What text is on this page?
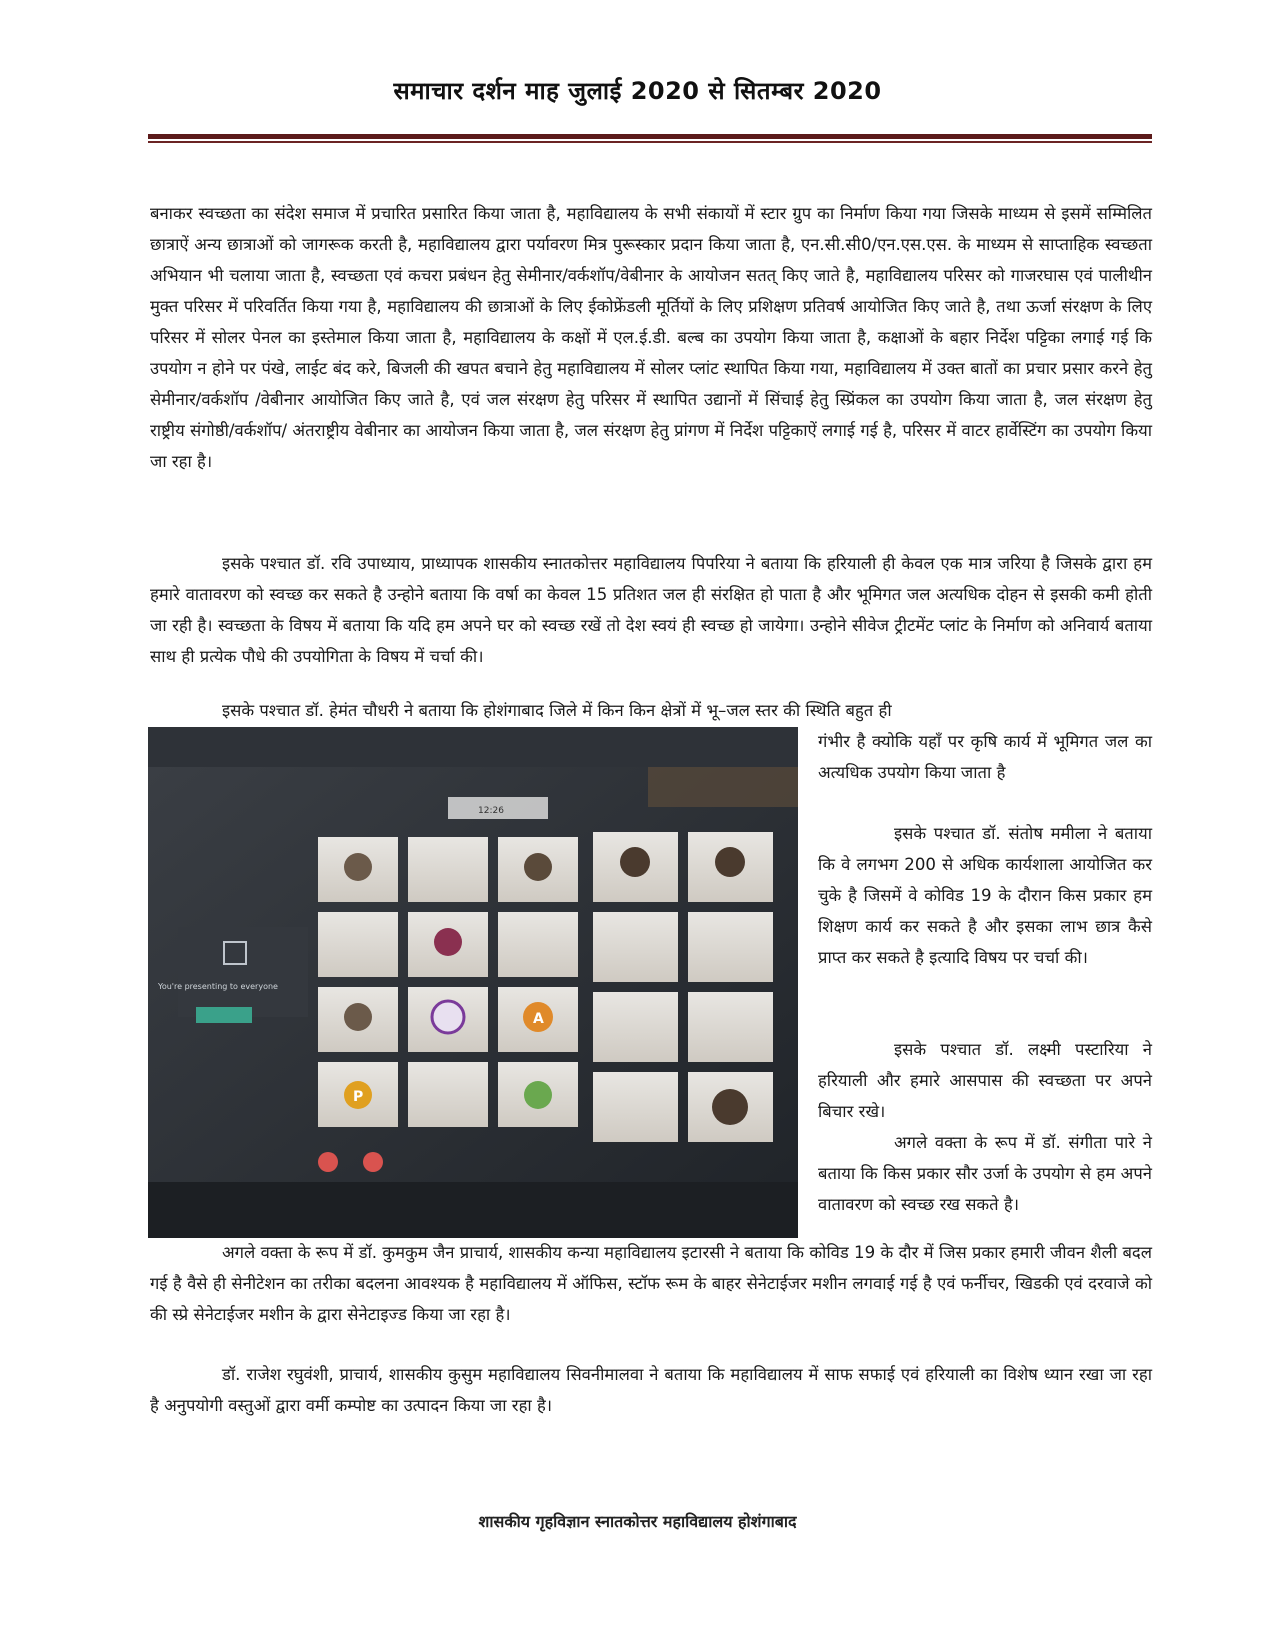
समाचार दर्शन माह जुलाई 2020 से सितम्बर 2020

बनाकर स्वच्छता का संदेश समाज में प्रचारित प्रसारित किया जाता है, महाविद्यालय के सभी संकायों में स्टार ग्रुप का निर्माण किया गया जिसके माध्यम से इसमें सम्मिलित छात्राऐं अन्य छात्राओं को जागरूक करती है, महाविद्यालय द्वारा पर्यावरण मित्र पुरूस्कार प्रदान किया जाता है, एन.सी.सी0/एन.एस.एस. के माध्यम से साप्ताहिक स्वच्छता अभियान भी चलाया जाता है, स्वच्छता एवं कचरा प्रबंधन हेतु सेमीनार/वर्कशॉप/वेबीनार के आयोजन सतत् किए जाते है, महाविद्यालय परिसर को गाजरघास एवं पालीथीन मुक्त परिसर में परिवर्तित किया गया है, महाविद्यालय की छात्राओं के लिए ईकोफ्रेंडली मूर्तियों के लिए प्रशिक्षण प्रतिवर्ष आयोजित किए जाते है, तथा ऊर्जा संरक्षण के लिए परिसर में सोलर पेनल का इस्तेमाल किया जाता है, महाविद्यालय के कक्षों में एल.ई.डी. बल्ब का उपयोग किया जाता है, कक्षाओं के बहार निर्देश पट्टिका लगाई गई कि उपयोग न होने पर पंखे, लाईट बंद करे, बिजली की खपत बचाने हेतु महाविद्यालय में सोलर प्लांट स्थापित किया गया, महाविद्यालय में उक्त बातों का प्रचार प्रसार करने हेतु सेमीनार/वर्कशॉप /वेबीनार आयोजित किए जाते है, एवं जल संरक्षण हेतु परिसर में स्थापित उद्यानों में सिंचाई हेतु स्प्रिंकल का उपयोग किया जाता है, जल संरक्षण हेतु राष्ट्रीय संगोष्ठी/वर्कशॉप/ अंतराष्ट्रीय वेबीनार का आयोजन किया जाता है, जल संरक्षण हेतु प्रांगण में निर्देश पट्टिकाऐं लगाई गई है, परिसर में वाटर हार्वेस्टिंग का उपयोग किया जा रहा है।

इसके पश्चात डॉ. रवि उपाध्याय, प्राध्यापक शासकीय स्नातकोत्तर महाविद्यालय पिपरिया ने बताया कि हरियाली ही केवल एक मात्र जरिया है जिसके द्वारा हम हमारे वातावरण को स्वच्छ कर सकते है उन्होने बताया कि वर्षा का केवल 15 प्रतिशत जल ही संरक्षित हो पाता है और भूमिगत जल अत्यधिक दोहन से इसकी कमी होती जा रही है। स्वच्छता के विषय में बताया कि यदि हम अपने घर को स्वच्छ रखें तो देश स्वयं ही स्वच्छ हो जायेगा। उन्होने सीवेज ट्रीटमेंट प्लांट के निर्माण को अनिवार्य बताया साथ ही प्रत्येक पौधे की उपयोगिता के विषय में चर्चा की।

इसके पश्चात डॉ. हेमंत चौधरी ने बताया कि होशंगाबाद जिले में किन किन क्षेत्रों में भू–जल स्तर की स्थिति बहुत ही

You're presenting to everyone
12:26
A
P

गंभीर है क्योकि यहाँ पर कृषि कार्य में भूमिगत जल का अत्यधिक उपयोग किया जाता है

इसके पश्चात डॉ. संतोष ममीला ने बताया कि वे लगभग 200 से अधिक कार्यशाला आयोजित कर चुके है जिसमें वे कोविड 19 के दौरान किस प्रकार हम शिक्षण कार्य कर सकते है और इसका लाभ छात्र कैसे प्राप्त कर सकते है इत्यादि विषय पर चर्चा की।

इसके पश्चात डॉ. लक्ष्मी पस्टारिया ने हरियाली और हमारे आसपास की स्वच्छता पर अपने बिचार रखे।

अगले वक्ता के रूप में डॉ. संगीता पारे ने बताया कि किस प्रकार सौर उर्जा के उपयोग से हम अपने वातावरण को स्वच्छ रख सकते है।

अगले वक्ता के रूप में डॉ. कुमकुम जैन प्राचार्य, शासकीय कन्या महाविद्यालय इटारसी ने बताया कि कोविड 19 के दौर में जिस प्रकार हमारी जीवन शैली बदल गई है वैसे ही सेनीटेशन का तरीका बदलना आवश्यक है महाविद्यालय में ऑफिस, स्टॉफ रूम के बाहर सेनेटाईजर मशीन लगवाई गई है एवं फर्नीचर, खिडकी एवं दरवाजे को की स्प्रे सेनेटाईजर मशीन के द्वारा सेनेटाइज्ड किया जा रहा है।

डॉ. राजेश रघुवंशी, प्राचार्य, शासकीय कुसुम महाविद्यालय सिवनीमालवा ने बताया कि महाविद्यालय में साफ सफाई एवं हरियाली का विशेष ध्यान रखा जा रहा है अनुपयोगी वस्तुओं द्वारा वर्मी कम्पोष्ट का उत्पादन किया जा रहा है।

शासकीय गृहविज्ञान स्नातकोत्तर महाविद्यालय होशंगाबाद
